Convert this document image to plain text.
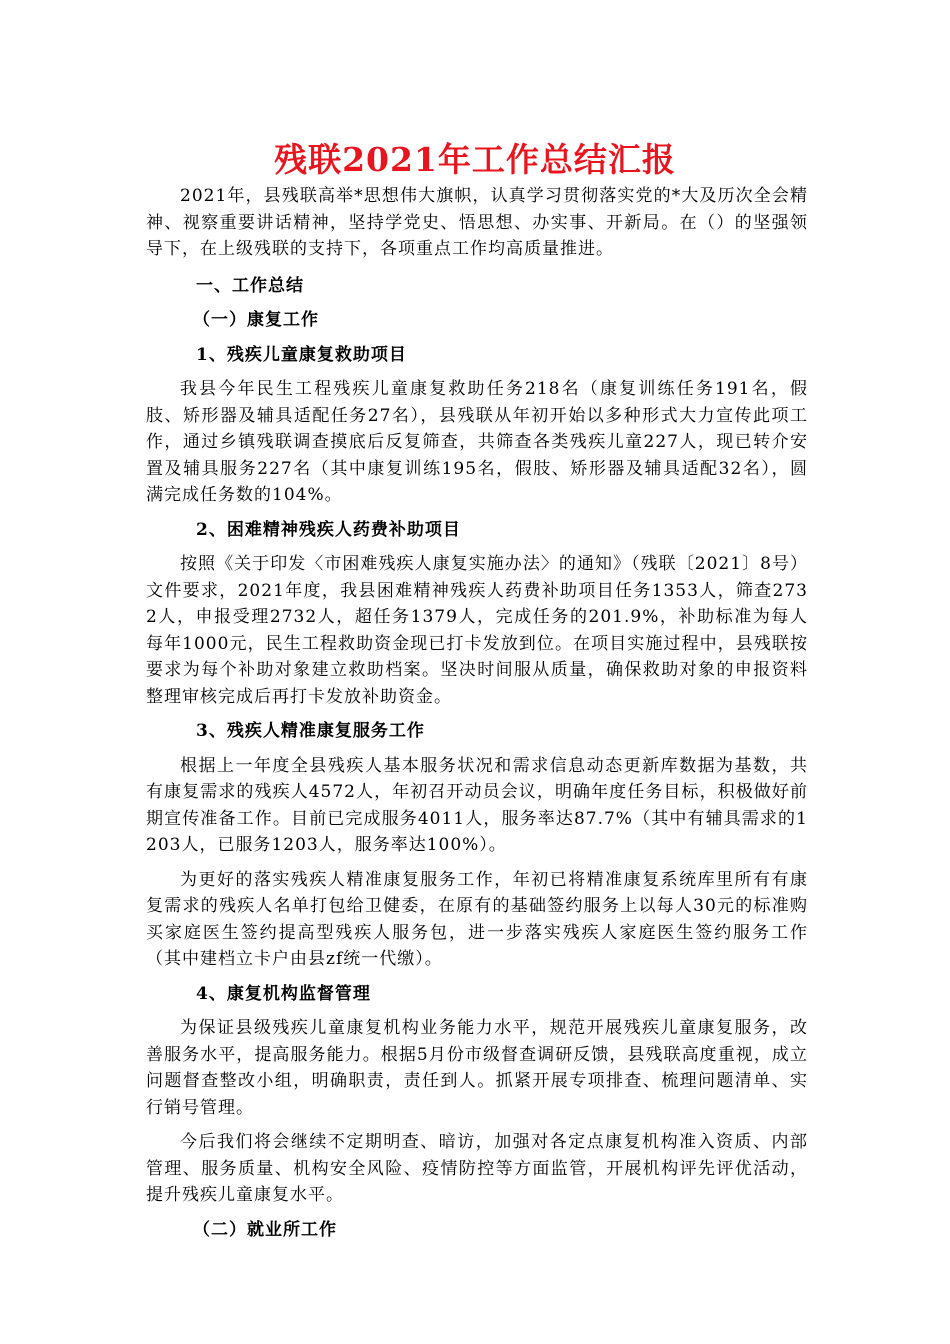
残联2021年工作总结汇报

2021年，县残联高举*思想伟大旗帜，认真学习贯彻落实党的*大及历次全会精神、视察重要讲话精神，坚持学党史、悟思想、办实事、开新局。在（）的坚强领导下，在上级残联的支持下，各项重点工作均高质量推进。

一、工作总结
（一）康复工作
1、残疾儿童康复救助项目

我县今年民生工程残疾儿童康复救助任务218名（康复训练任务191名，假肢、矫形器及辅具适配任务27名），县残联从年初开始以多种形式大力宣传此项工作，通过乡镇残联调查摸底后反复筛查，共筛查各类残疾儿童227人，现已转介安置及辅具服务227名（其中康复训练195名，假肢、矫形器及辅具适配32名），圆满完成任务数的104%。

2、困难精神残疾人药费补助项目

按照《关于印发〈市困难残疾人康复实施办法〉的通知》（残联〔2021〕8号）文件要求，2021年度，我县困难精神残疾人药费补助项目任务1353人，筛查2732人，申报受理2732人，超任务1379人，完成任务的201.9%，补助标准为每人每年1000元，民生工程救助资金现已打卡发放到位。在项目实施过程中，县残联按要求为每个补助对象建立救助档案。坚决时间服从质量，确保救助对象的申报资料整理审核完成后再打卡发放补助资金。

3、残疾人精准康复服务工作

根据上一年度全县残疾人基本服务状况和需求信息动态更新库数据为基数，共有康复需求的残疾人4572人，年初召开动员会议，明确年度任务目标，积极做好前期宣传准备工作。目前已完成服务4011人，服务率达87.7%（其中有辅具需求的1203人，已服务1203人，服务率达100%）。

为更好的落实残疾人精准康复服务工作，年初已将精准康复系统库里所有有康复需求的残疾人名单打包给卫健委，在原有的基础签约服务上以每人30元的标准购买家庭医生签约提高型残疾人服务包，进一步落实残疾人家庭医生签约服务工作（其中建档立卡户由县zf统一代缴）。

4、康复机构监督管理

为保证县级残疾儿童康复机构业务能力水平，规范开展残疾儿童康复服务，改善服务水平，提高服务能力。根据5月份市级督查调研反馈，县残联高度重视，成立问题督查整改小组，明确职责，责任到人。抓紧开展专项排查、梳理问题清单、实行销号管理。

今后我们将会继续不定期明查、暗访，加强对各定点康复机构准入资质、内部管理、服务质量、机构安全风险、疫情防控等方面监管，开展机构评先评优活动，提升残疾儿童康复水平。

（二）就业所工作
